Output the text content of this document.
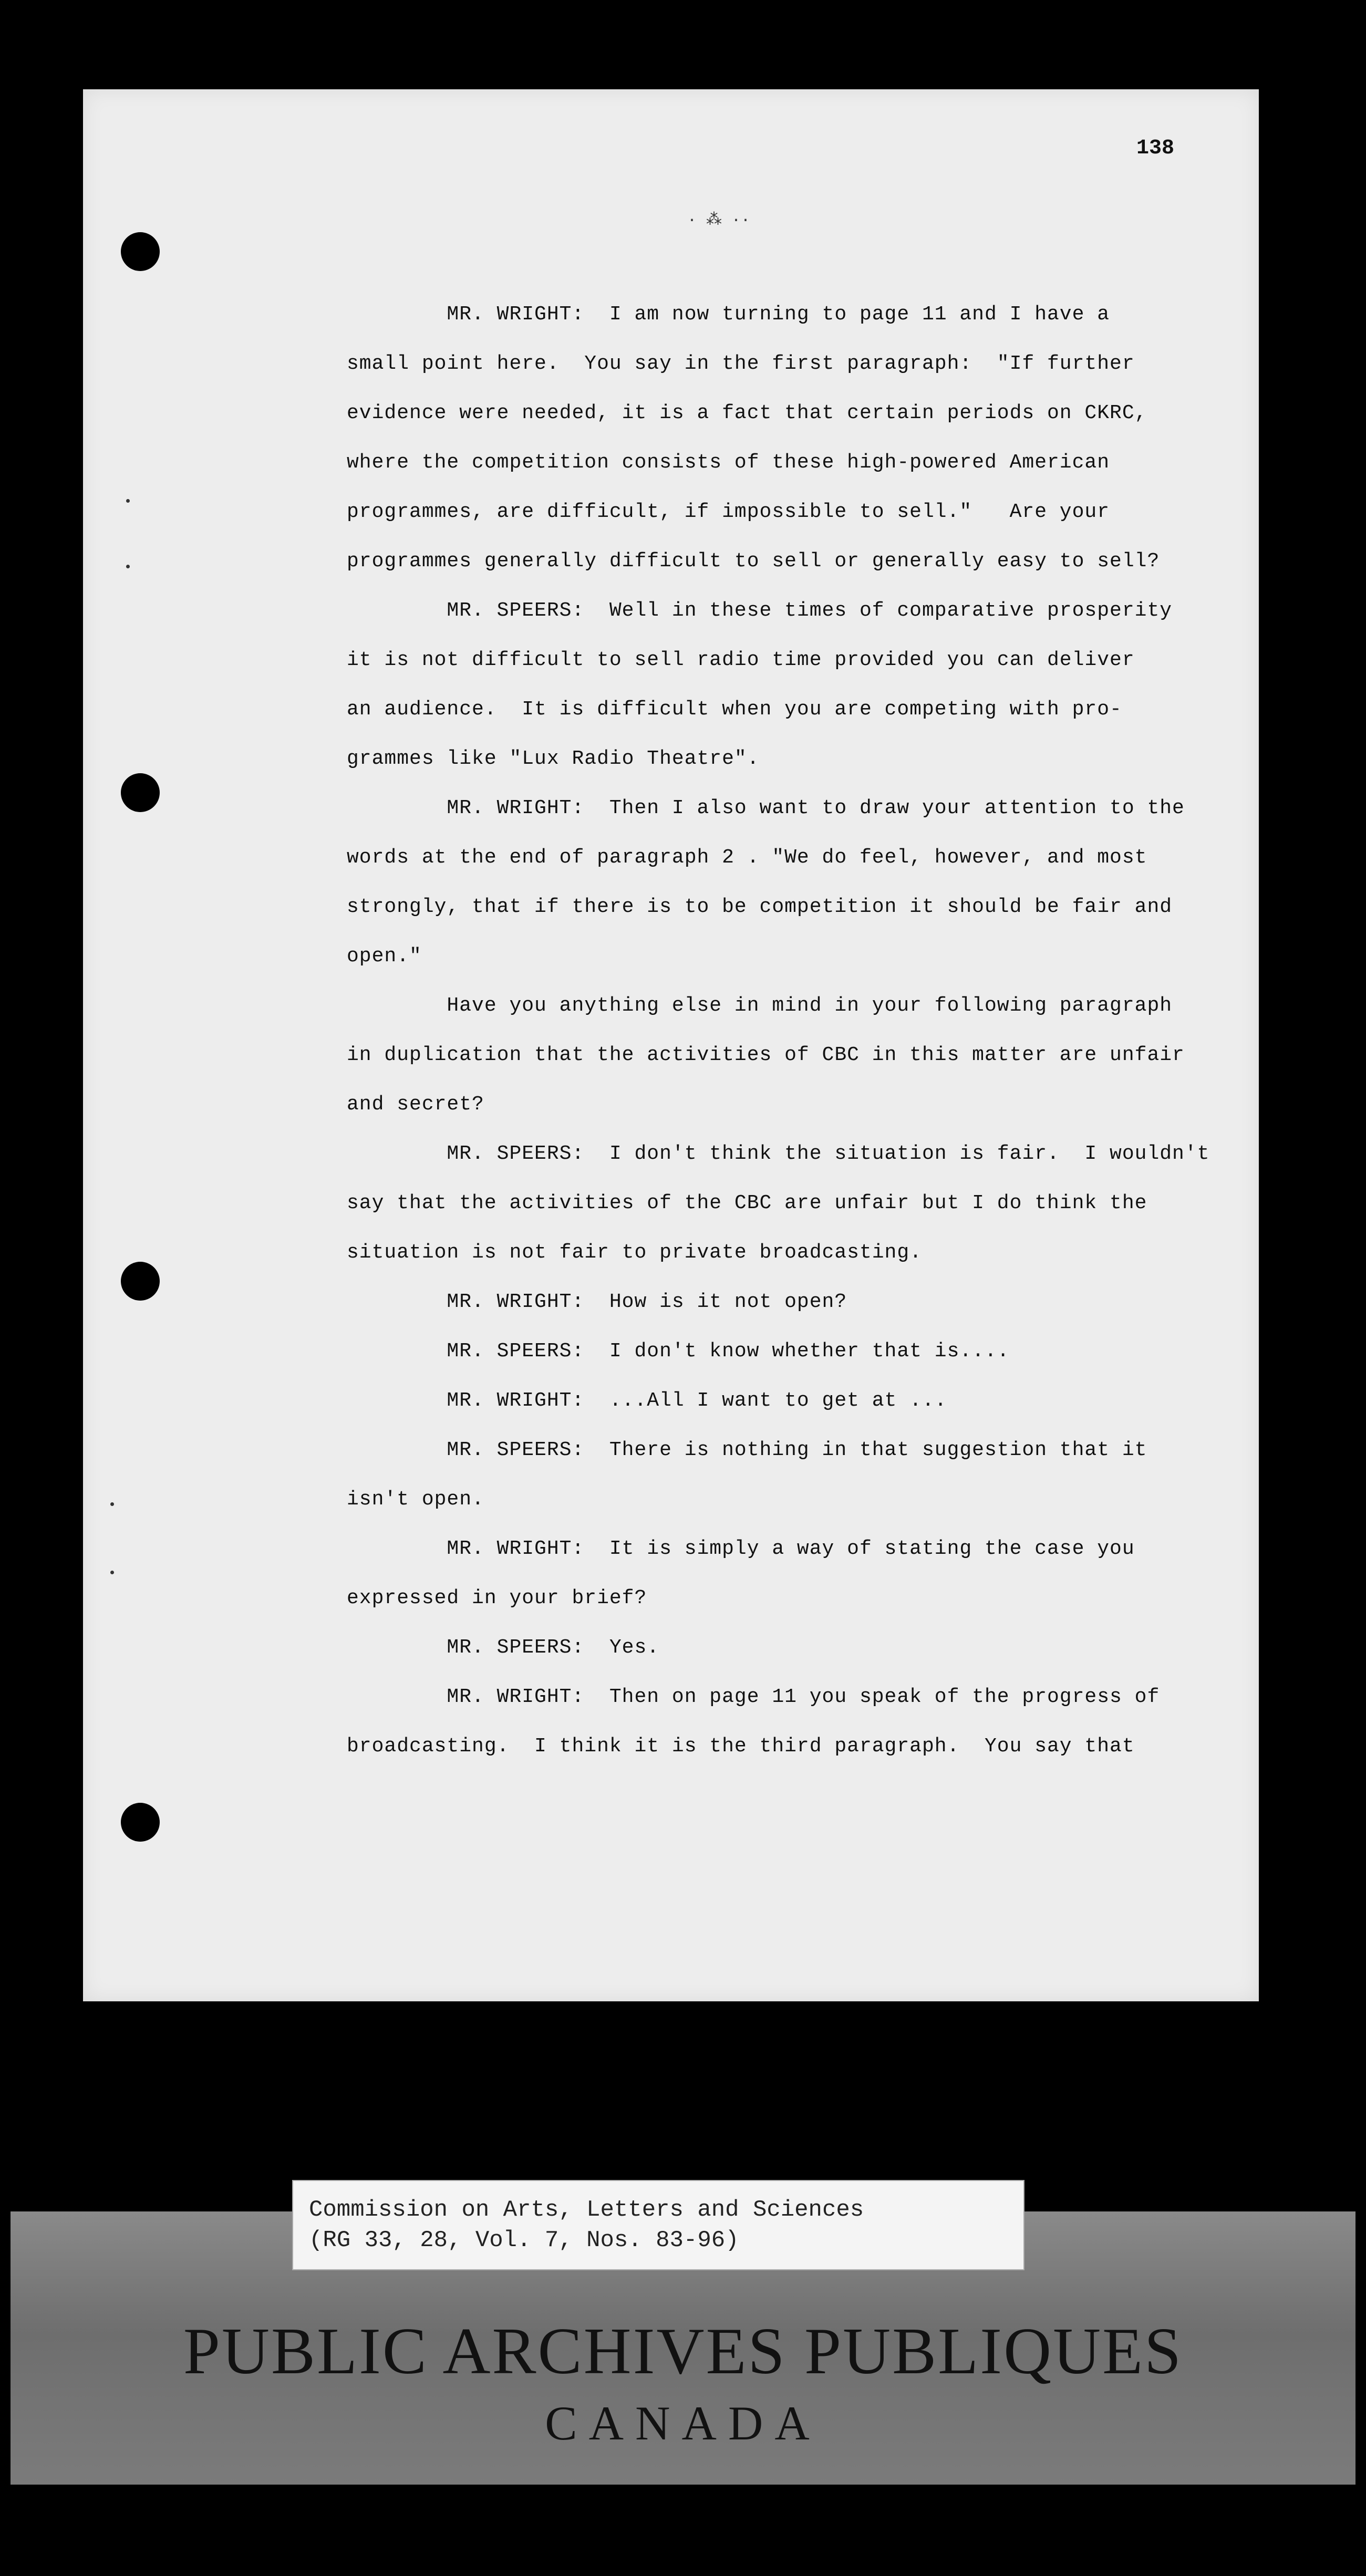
138
· ⁂ ··
MR. WRIGHT:  I am now turning to page 11 and I have a
small point here.  You say in the first paragraph:  "If further
evidence were needed, it is a fact that certain periods on CKRC,
where the competition consists of these high-powered American
programmes, are difficult, if impossible to sell."   Are your
programmes generally difficult to sell or generally easy to sell?
MR. SPEERS:  Well in these times of comparative prosperity
it is not difficult to sell radio time provided you can deliver
an audience.  It is difficult when you are competing with pro-
grammes like "Lux Radio Theatre".
MR. WRIGHT:  Then I also want to draw your attention to the
words at the end of paragraph 2 . "We do feel, however, and most
strongly, that if there is to be competition it should be fair and
open."
Have you anything else in mind in your following paragraph
in duplication that the activities of CBC in this matter are unfair
and secret?
MR. SPEERS:  I don't think the situation is fair.  I wouldn't
say that the activities of the CBC are unfair but I do think the
situation is not fair to private broadcasting.
MR. WRIGHT:  How is it not open?
MR. SPEERS:  I don't know whether that is....
MR. WRIGHT:  ...All I want to get at ...
MR. SPEERS:  There is nothing in that suggestion that it
isn't open.
MR. WRIGHT:  It is simply a way of stating the case you
expressed in your brief?
MR. SPEERS:  Yes.
MR. WRIGHT:  Then on page 11 you speak of the progress of
broadcasting.  I think it is the third paragraph.  You say that
PUBLIC ARCHIVES PUBLIQUES
CANADA
Commission on Arts, Letters and Sciences
(RG 33, 28, Vol. 7, Nos. 83-96)
